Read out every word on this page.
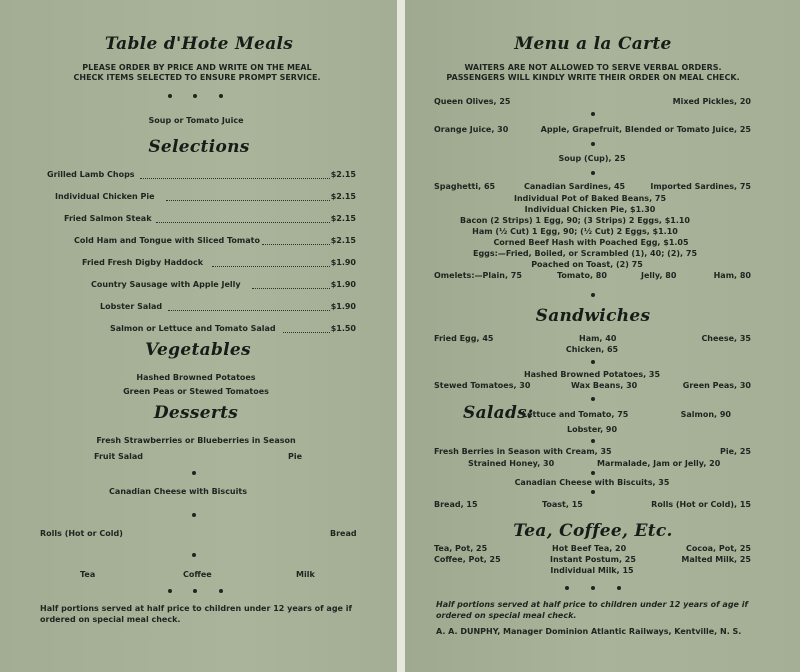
Table d'Hote Meals
PLEASE ORDER BY PRICE AND WRITE ON THE MEAL
CHECK ITEMS SELECTED TO ENSURE PROMPT SERVICE.
Soup or Tomato Juice
Selections
Grilled Lamb Chops	$2.15
Individual Chicken Pie	$2.15
Fried Salmon Steak	$2.15
Cold Ham and Tongue with Sliced Tomato	$2.15
Fried Fresh Digby Haddock	$1.90
Country Sausage with Apple Jelly	$1.90
Lobster Salad	$1.90
Salmon or Lettuce and Tomato Salad	$1.50
Vegetables
Hashed Browned Potatoes
Green Peas or Stewed Tomatoes
Desserts
Fresh Strawberries or Blueberries in Season
Fruit Salad	Pie
Canadian Cheese with Biscuits
Rolls (Hot or Cold)	Bread
Tea	Coffee	Milk
Half portions served at half price to children under 12 years of age if ordered on special meal check.
Menu a la Carte
WAITERS ARE NOT ALLOWED TO SERVE VERBAL ORDERS.
PASSENGERS WILL KINDLY WRITE THEIR ORDER ON MEAL CHECK.
Queen Olives, 25	Mixed Pickles, 20
Orange Juice, 30	Apple, Grapefruit, Blended or Tomato Juice, 25
Soup (Cup), 25
Spaghetti, 65	Canadian Sardines, 45	Imported Sardines, 75
Individual Pot of Baked Beans, 75
Individual Chicken Pie, $1.30
Bacon (2 Strips) 1 Egg, 90; (3 Strips) 2 Eggs, $1.10
Ham (½ Cut) 1 Egg, 90; (½ Cut) 2 Eggs, $1.10
Corned Beef Hash with Poached Egg, $1.05
Eggs:—Fried, Boiled, or Scrambled (1), 40; (2), 75
Poached on Toast, (2) 75
Omelets:—Plain, 75	Tomato, 80	Jelly, 80	Ham, 80
Sandwiches
Fried Egg, 45	Ham, 40	Cheese, 35
Chicken, 65
Hashed Browned Potatoes, 35
Stewed Tomatoes, 30	Wax Beans, 30	Green Peas, 30
Salads:
Lettuce and Tomato, 75	Salmon, 90
Lobster, 90
Fresh Berries in Season with Cream, 35	Pie, 25
Strained Honey, 30	Marmalade, Jam or Jelly, 20
Canadian Cheese with Biscuits, 35
Bread, 15	Toast, 15	Rolls (Hot or Cold), 15
Tea, Coffee, Etc.
Tea, Pot, 25	Hot Beef Tea, 20	Cocoa, Pot, 25
Coffee, Pot, 25	Instant Postum, 25	Malted Milk, 25
Individual Milk, 15
Half portions served at half price to children under 12 years of age if ordered on special meal check.
A. A. DUNPHY, Manager Dominion Atlantic Railways, Kentville, N. S.
